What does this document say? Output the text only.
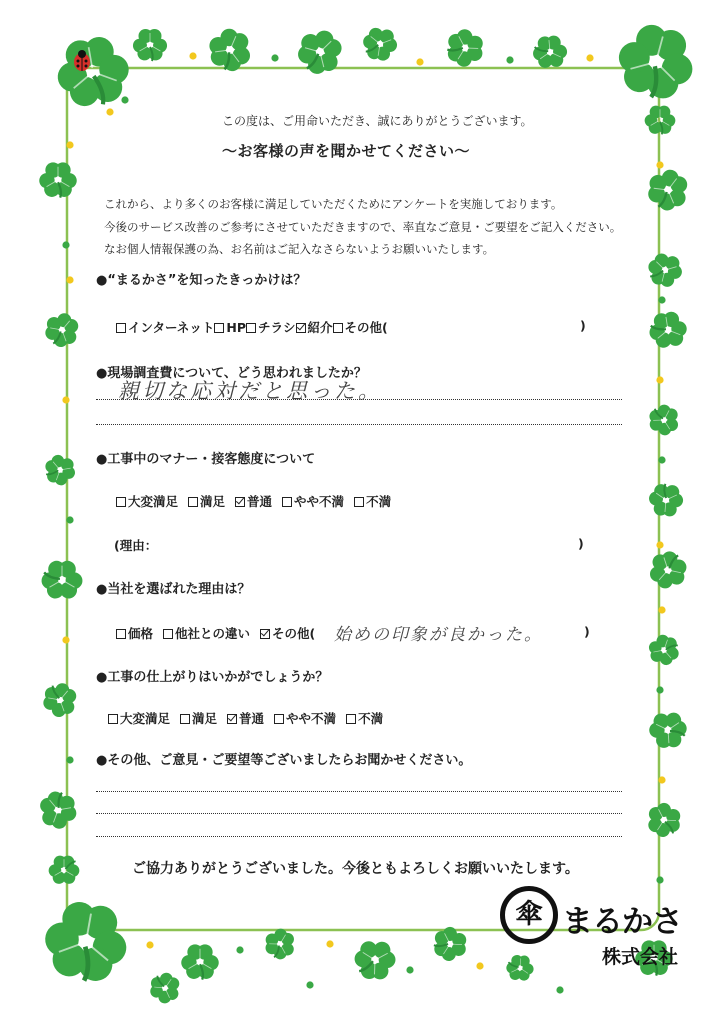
この度は、ご用命いただき、誠にありがとうございます。
～お客様の声を聞かせてください～
これから、より多くのお客様に満足していただくためにアンケートを実施しております。
今後のサービス改善のご参考にさせていただきますので、率直なご意見・ご要望をご記入ください。
なお個人情報保護の為、お名前はご記入なさらないようお願いいたします。
●“まるかさ”を知ったきっかけは？
インターネット HP チラシ 紹介 その他(	)
●現場調査費について、どう思われましたか？
親切な応対だと思った。
●工事中のマナー・接客態度について
大変満足 満足 普通 やや不満 不満
(理由：	)
●当社を選ばれた理由は？
価格 他社との違い その他( 始めの印象が良かった。	)
●工事の仕上がりはいかがでしょうか？
大変満足 満足 普通 やや不満 不満
●その他、ご意見・ご要望等ございましたらお聞かせください。
ご協力ありがとうございました。今後ともよろしくお願いいたします。
傘 まるかさ
株式会社
